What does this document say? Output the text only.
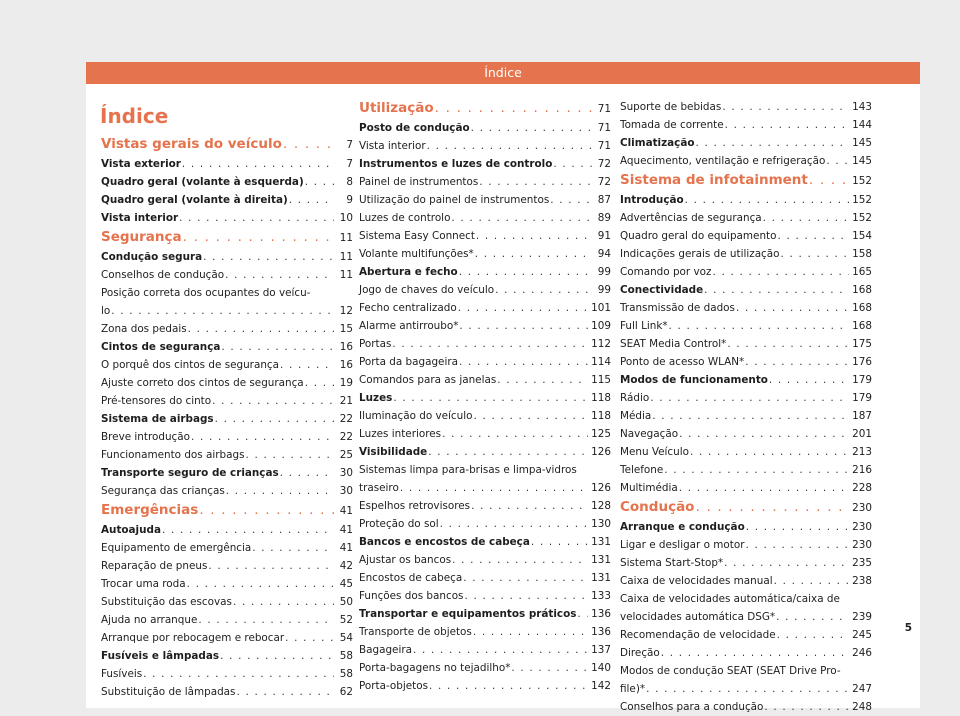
Índice
Índice
Vistas gerais do veículo . . .	7
Vista exterior . . .	7
Quadro geral (volante à esquerda) . . .	8
Quadro geral (volante à direita) . . .	9
Vista interior . . .	10
Segurança . . .	11
Condução segura . . .	11
Conselhos de condução . . .	11
Posição correta dos ocupantes do veícu-
lo . . .	12
Zona dos pedais . . .	15
Cintos de segurança . . .	16
O porquê dos cintos de segurança . . .	16
Ajuste correto dos cintos de segurança . . .	19
Pré-tensores do cinto . . .	21
Sistema de airbags . . .	22
Breve introdução . . .	22
Funcionamento dos airbags . . .	25
Transporte seguro de crianças . . .	30
Segurança das crianças . . .	30
Emergências . . .	41
Autoajuda . . .	41
Equipamento de emergência . . .	41
Reparação de pneus . . .	42
Trocar uma roda . . .	45
Substituição das escovas . . .	50
Ajuda no arranque . . .	52
Arranque por rebocagem e rebocar . . .	54
Fusíveis e lâmpadas . . .	58
Fusíveis . . .	58
Substituição de lâmpadas . . .	62
Utilização . . .	71
Posto de condução . . .	71
Vista interior . . .	71
Instrumentos e luzes de controlo . . .	72
Painel de instrumentos . . .	72
Utilização do painel de instrumentos . . .	87
Luzes de controlo . . .	89
Sistema Easy Connect . . .	91
Volante multifunções* . . .	94
Abertura e fecho . . .	99
Jogo de chaves do veículo . . .	99
Fecho centralizado . . .	101
Alarme antirroubo* . . .	109
Portas . . .	112
Porta da bagageira . . .	114
Comandos para as janelas . . .	115
Luzes . . .	118
Iluminação do veículo . . .	118
Luzes interiores . . .	125
Visibilidade . . .	126
Sistemas limpa para-brisas e limpa-vidros
traseiro . . .	126
Espelhos retrovisores . . .	128
Proteção do sol . . .	130
Bancos e encostos de cabeça . . .	131
Ajustar os bancos . . .	131
Encostos de cabeça . . .	131
Funções dos bancos . . .	133
Transportar e equipamentos práticos . . . 136
Transporte de objetos . . .	136
Bagageira . . .	137
Porta-bagagens no tejadilho* . . .	140
Porta-objetos . . .	142
Suporte de bebidas . . .	143
Tomada de corrente . . .	144
Climatização . . .	145
Aquecimento, ventilação e refrigeração . . .	145
Sistema de infotainment . . .	152
Introdução . . .	152
Advertências de segurança . . .	152
Quadro geral do equipamento . . .	154
Indicações gerais de utilização . . .	158
Comando por voz . . .	165
Conectividade . . .	168
Transmissão de dados . . .	168
Full Link* . . .	168
SEAT Media Control* . . .	175
Ponto de acesso WLAN* . . .	176
Modos de funcionamento . . .	179
Rádio . . .	179
Média . . .	187
Navegação . . .	201
Menu Veículo . . .	213
Telefone . . .	216
Multimédia . . .	228
Condução . . .	230
Arranque e condução . . .	230
Ligar e desligar o motor . . .	230
Sistema Start-Stop* . . .	235
Caixa de velocidades manual . . .	238
Caixa de velocidades automática/caixa de
velocidades automática DSG* . . .	239
Recomendação de velocidade . . .	245
Direção . . .	246
Modos de condução SEAT (SEAT Drive Pro-
file)* . . .	247
Conselhos para a condução . . .	248
5
